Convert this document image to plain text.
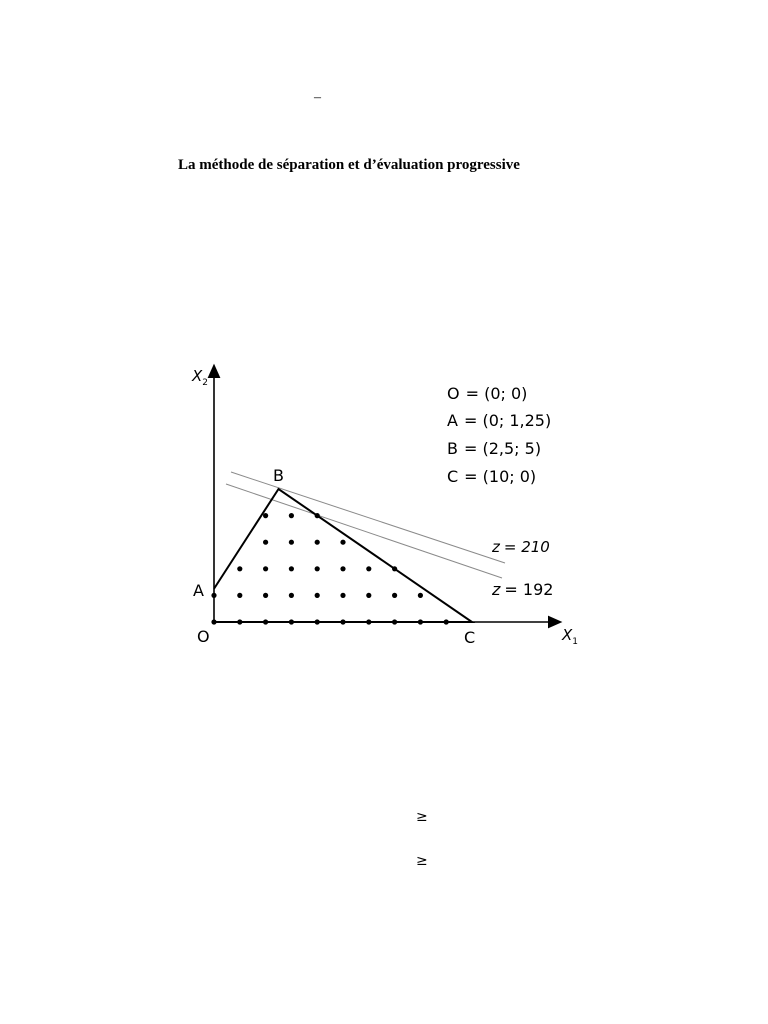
–
La méthode de séparation et d’évaluation progressive
$X_2$
$X_1$
O
A
B
C
O = (0; 0)
A = (0; 1,25)
B = (2,5; 5)
C = (10; 0)
z = 210
z = 192
≥
≥
